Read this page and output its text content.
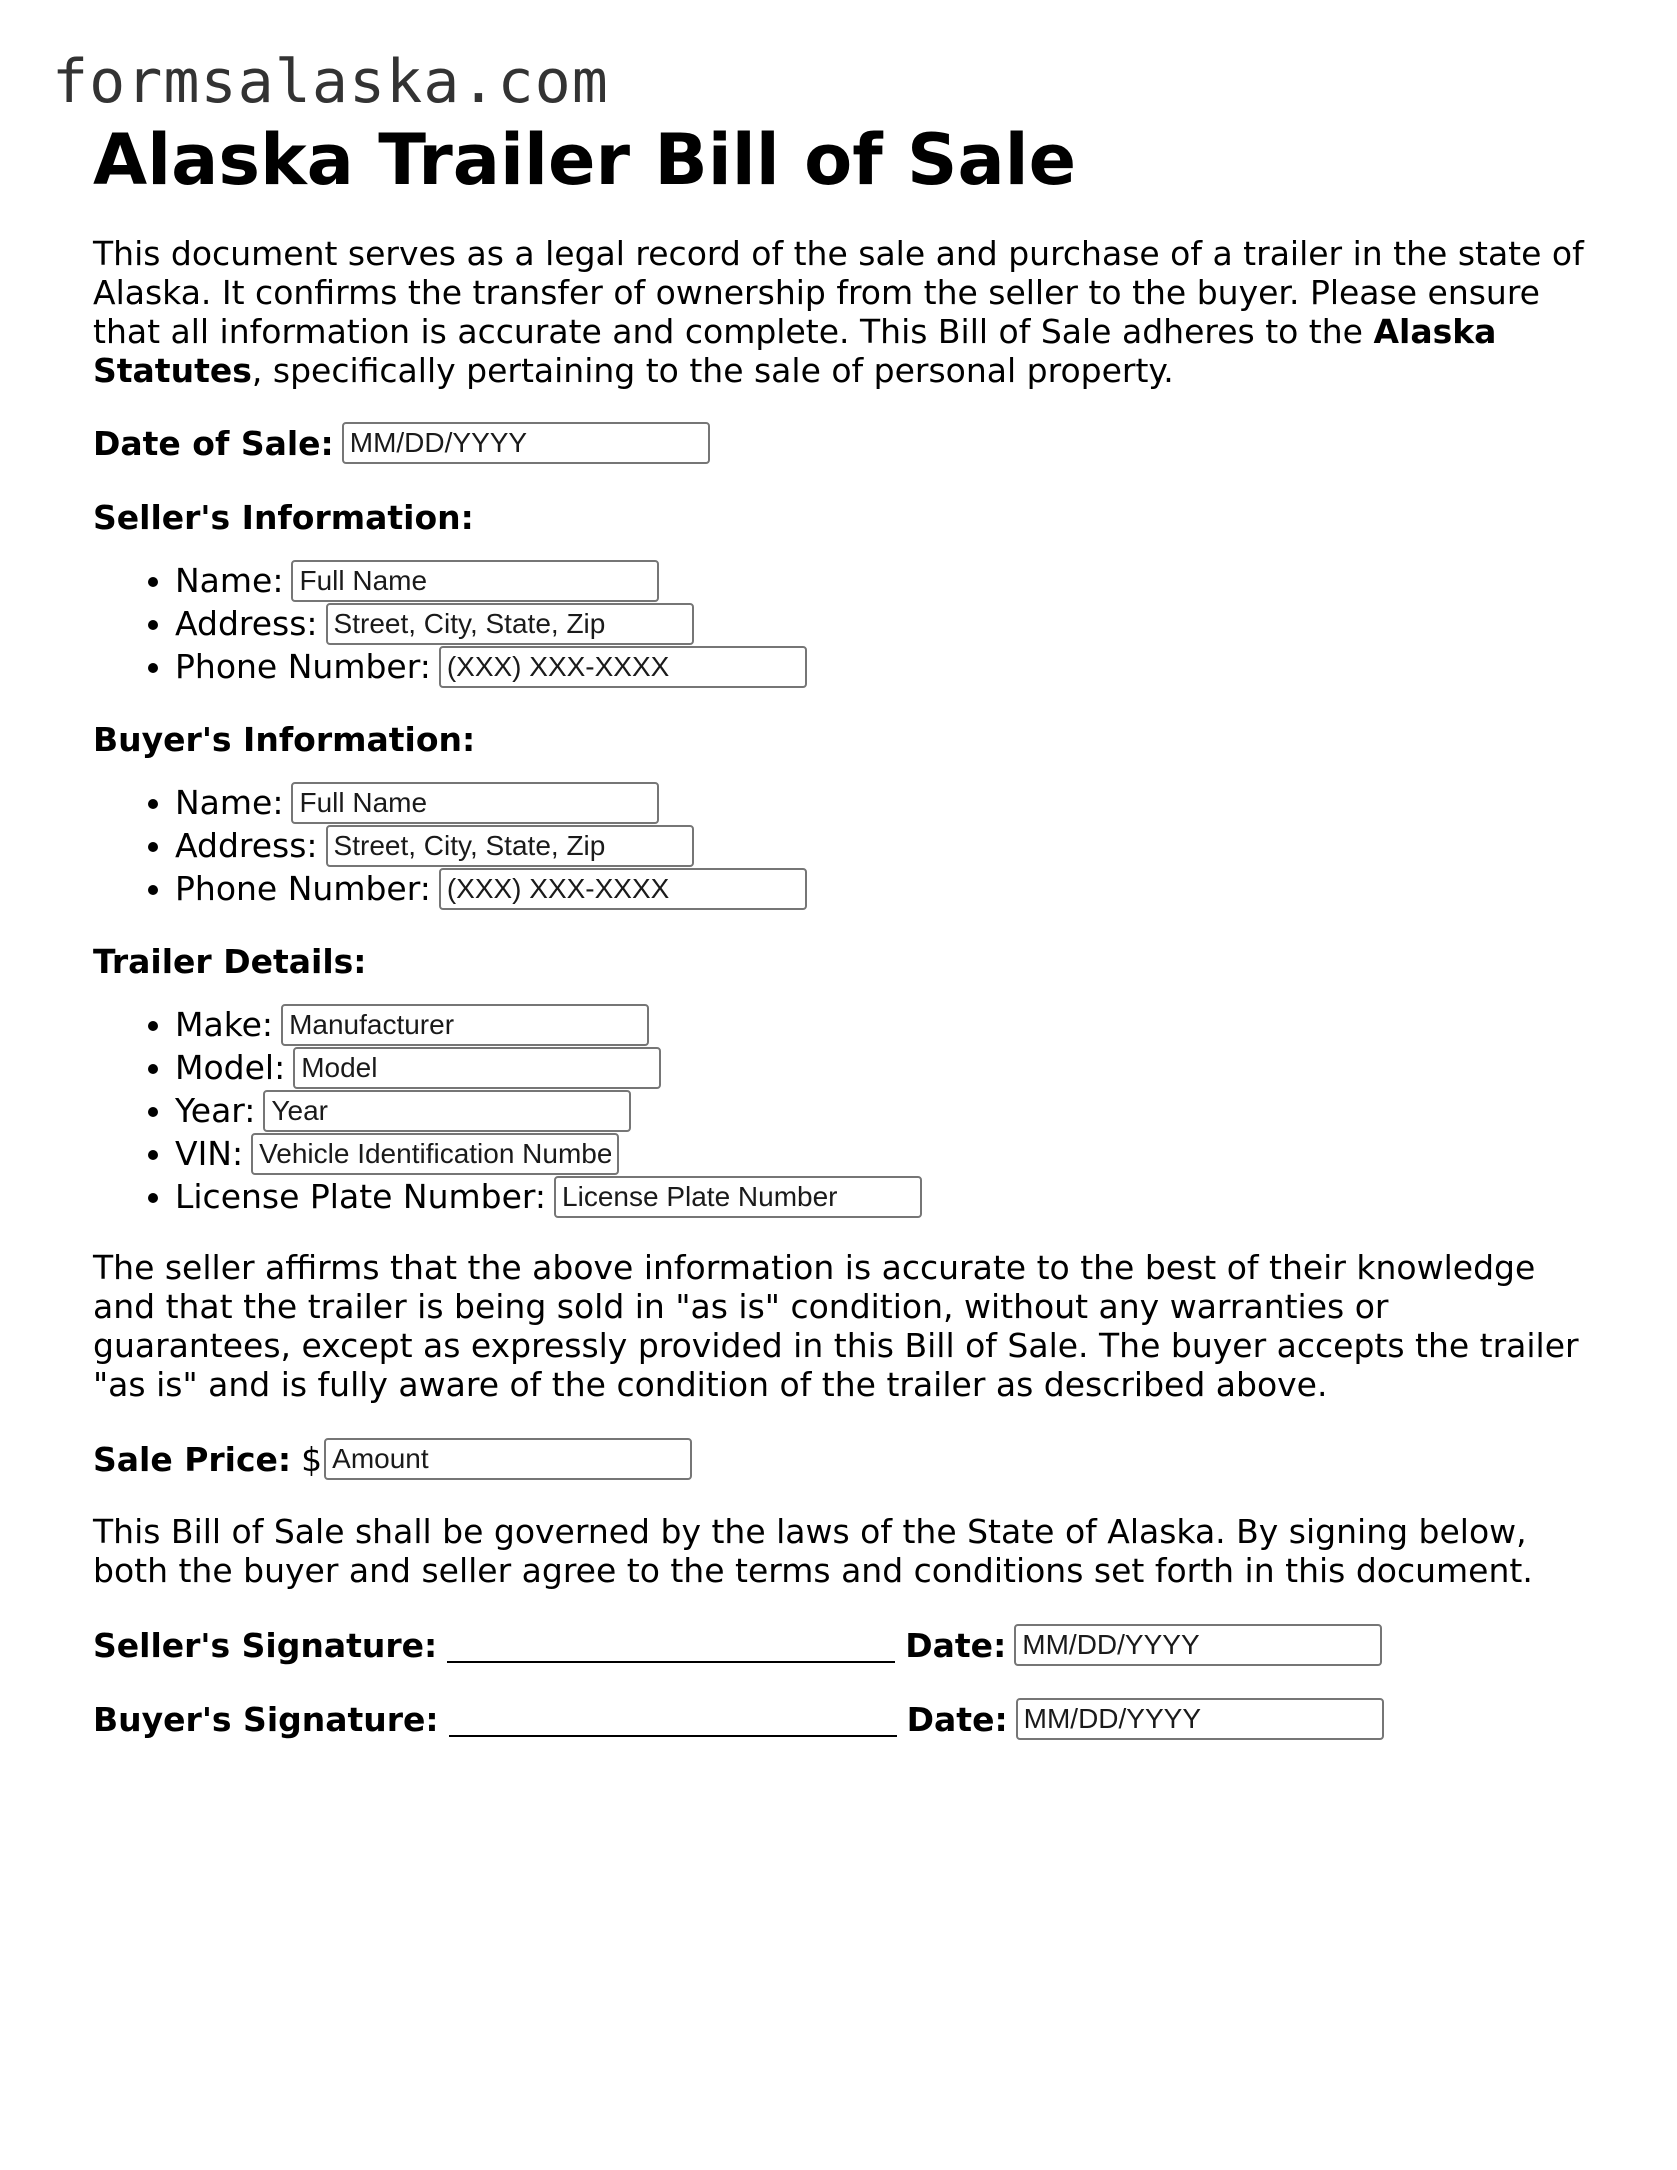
formsalaska.com
Alaska Trailer Bill of Sale

This document serves as a legal record of the sale and purchase of a trailer in the state of Alaska. It confirms the transfer of ownership from the seller to the buyer. Please ensure that all information is accurate and complete. This Bill of Sale adheres to the Alaska Statutes, specifically pertaining to the sale of personal property.

Date of Sale:
MM/DD/YYYY
Seller's Information:
• Name:
Full Name
• Address:
Street, City, State, Zip
• Phone Number:
(XXX) XXX-XXXX
Buyer's Information:
• Name:
Full Name
• Address:
Street, City, State, Zip
• Phone Number:
(XXX) XXX-XXXX
Trailer Details:
• Make:
Manufacturer
• Model:
Model
• Year:
Year
• VIN:
Vehicle Identification Number
• License Plate Number:
License Plate Number

The seller affirms that the above information is accurate to the best of their knowledge and that the trailer is being sold in "as is" condition, without any warranties or guarantees, except as expressly provided in this Bill of Sale. The buyer accepts the trailer "as is" and is fully aware of the condition of the trailer as described above.

Sale Price: $
Amount

This Bill of Sale shall be governed by the laws of the State of Alaska. By signing below, both the buyer and seller agree to the terms and conditions set forth in this document.

Seller's Signature:	Date:
MM/DD/YYYY
Buyer's Signature:	Date:
MM/DD/YYYY
